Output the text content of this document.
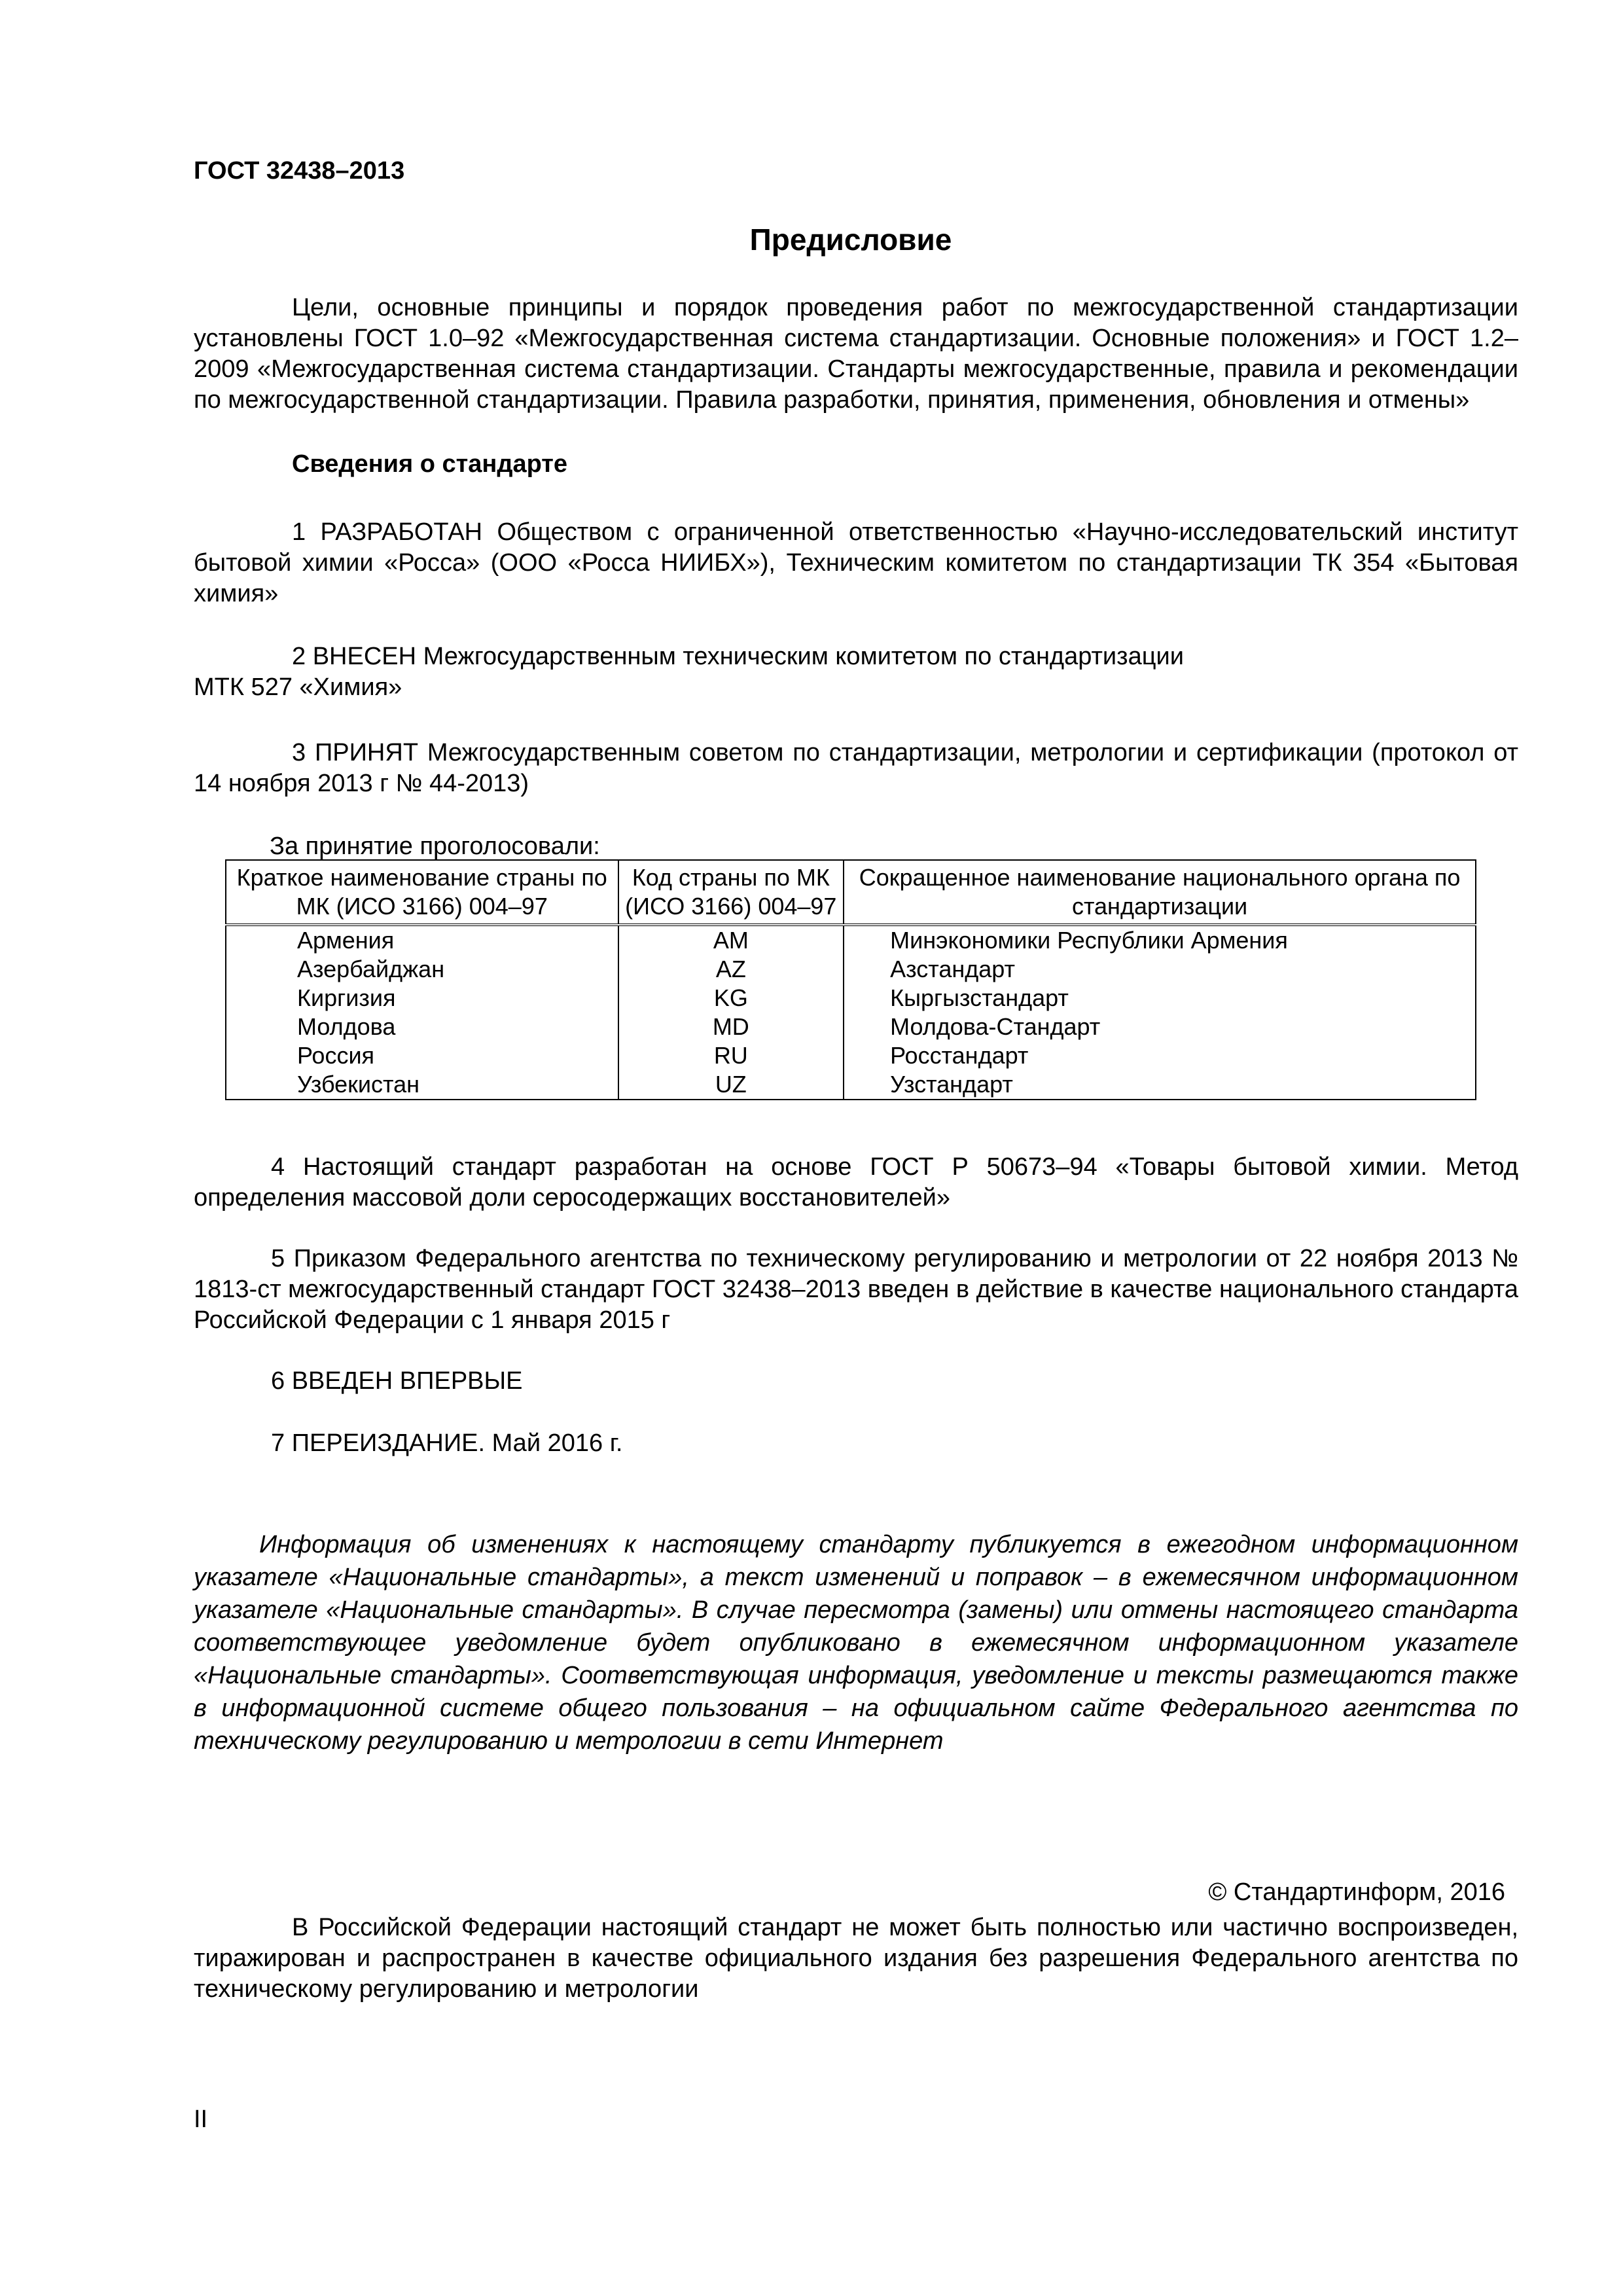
ГОСТ 32438–2013
Предисловие
Цели, основные принципы и порядок проведения работ по межгосударственной стандартизации установлены ГОСТ 1.0–92 «Межгосударственная система стандартизации. Основные положения» и ГОСТ 1.2–2009 «Межгосударственная система стандартизации. Стандарты межгосударственные, правила и рекомендации по межгосударственной стандартизации. Правила разработки, принятия, применения, обновления и отмены»
Сведения о стандарте
1 РАЗРАБОТАН Обществом с ограниченной ответственностью «Научно-исследовательский институт бытовой химии «Росса» (ООО «Росса НИИБХ»), Техническим комитетом по стандартизации ТК 354 «Бытовая химия»
2 ВНЕСЕН Межгосударственным техническим комитетом по стандартизации
МТК 527 «Химия»
3 ПРИНЯТ Межгосударственным советом по стандартизации, метрологии и сертификации (протокол от 14 ноября 2013 г № 44-2013)
За принятие проголосовали:
Краткое наименование страны по МК (ИСО 3166) 004–97	Код страны по МК (ИСО 3166) 004–97	Сокращенное наименование национального органа по стандартизации
Армения	AM	Минэкономики Республики Армения
Азербайджан	AZ	Азстандарт
Киргизия	KG	Кыргызстандарт
Молдова	MD	Молдова-Стандарт
Россия	RU	Росстандарт
Узбекистан	UZ	Узстандарт
4 Настоящий стандарт разработан на основе ГОСТ Р 50673–94 «Товары бытовой химии. Метод определения массовой доли серосодержащих восстановителей»
5 Приказом Федерального агентства по техническому регулированию и метрологии от 22 ноября 2013 № 1813-ст межгосударственный стандарт ГОСТ 32438–2013 введен в действие в качестве национального стандарта Российской Федерации с 1 января 2015 г
6 ВВЕДЕН ВПЕРВЫЕ
7 ПЕРЕИЗДАНИЕ. Май 2016 г.
Информация об изменениях к настоящему стандарту публикуется в ежегодном информационном указателе «Национальные стандарты», а текст изменений и поправок – в ежемесячном информационном указателе «Национальные стандарты». В случае пересмотра (замены) или отмены настоящего стандарта соответствующее уведомление будет опубликовано в ежемесячном информационном указателе «Национальные стандарты». Соответствующая информация, уведомление и тексты размещаются также в информационной системе общего пользования – на официальном сайте Федерального агентства по техническому регулированию и метрологии в сети Интернет
© Стандартинформ, 2016
В Российской Федерации настоящий стандарт не может быть полностью или частично воспроизведен, тиражирован и распространен в качестве официального издания без разрешения Федерального агентства по техническому регулированию и метрологии
II
